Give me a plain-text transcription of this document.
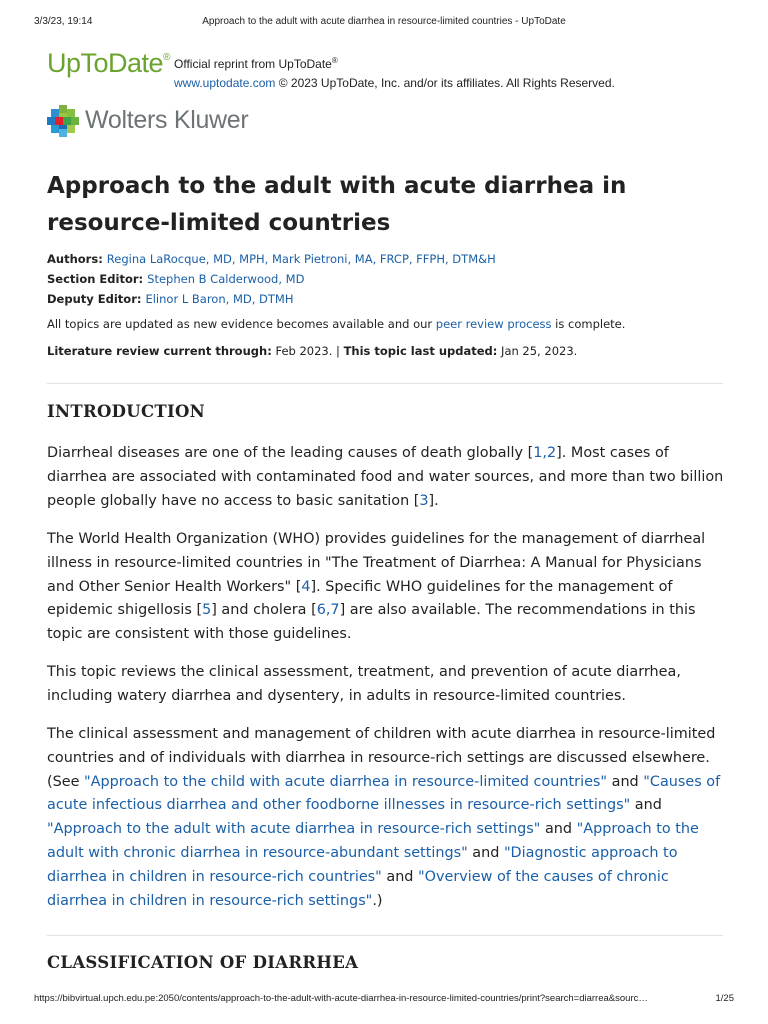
3/3/23, 19:14	Approach to the adult with acute diarrhea in resource-limited countries - UpToDate
UpToDate® Official reprint from UpToDate®
www.uptodate.com © 2023 UpToDate, Inc. and/or its affiliates. All Rights Reserved.
Wolters Kluwer
Approach to the adult with acute diarrhea in resource-limited countries
Authors: Regina LaRocque, MD, MPH, Mark Pietroni, MA, FRCP, FFPH, DTM&H
Section Editor: Stephen B Calderwood, MD
Deputy Editor: Elinor L Baron, MD, DTMH
All topics are updated as new evidence becomes available and our peer review process is complete.
Literature review current through: Feb 2023. | This topic last updated: Jan 25, 2023.
INTRODUCTION

Diarrheal diseases are one of the leading causes of death globally [1,2]. Most cases of diarrhea are associated with contaminated food and water sources, and more than two billion people globally have no access to basic sanitation [3].

The World Health Organization (WHO) provides guidelines for the management of diarrheal illness in resource-limited countries in "The Treatment of Diarrhea: A Manual for Physicians and Other Senior Health Workers" [4]. Specific WHO guidelines for the management of epidemic shigellosis [5] and cholera [6,7] are also available. The recommendations in this topic are consistent with those guidelines.

This topic reviews the clinical assessment, treatment, and prevention of acute diarrhea, including watery diarrhea and dysentery, in adults in resource-limited countries.

The clinical assessment and management of children with acute diarrhea in resource-limited countries and of individuals with diarrhea in resource-rich settings are discussed elsewhere. (See "Approach to the child with acute diarrhea in resource-limited countries" and "Causes of acute infectious diarrhea and other foodborne illnesses in resource-rich settings" and "Approach to the adult with acute diarrhea in resource-rich settings" and "Approach to the adult with chronic diarrhea in resource-abundant settings" and "Diagnostic approach to diarrhea in children in resource-rich countries" and "Overview of the causes of chronic diarrhea in children in resource-rich settings".)

CLASSIFICATION OF DIARRHEA
https://bibvirtual.upch.edu.pe:2050/contents/approach-to-the-adult-with-acute-diarrhea-in-resource-limited-countries/print?search=diarrea&sourc…	1/25
